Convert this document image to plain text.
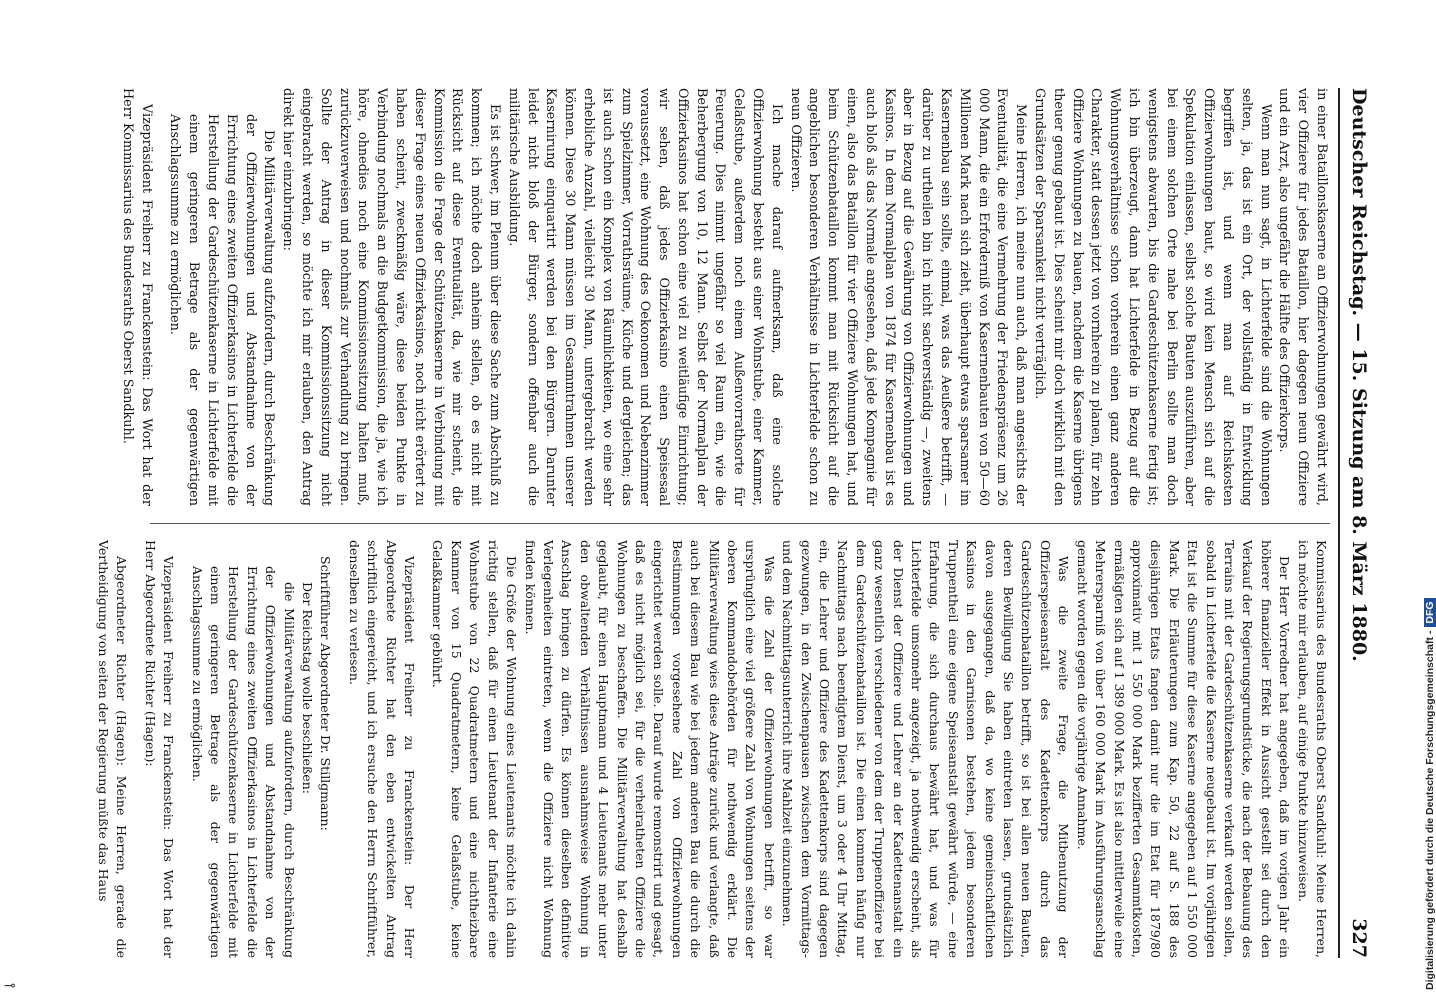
Deutscher Reichstag. — 15. Sitzung am 8. März 1880.
327

in einer Bataillonskaserne an Offizierwohnungen gewährt wird, vier Offiziere für jedes Bataillon, hier dagegen neun Offiziere und ein Arzt, also ungefähr die Hälfte des Offizierkorps.

Wenn man nun sagt, in Lichterfelde sind die Wohnungen selten, ja, das ist ein Ort, der vollständig in Entwicklung begriffen ist, und wenn man auf Reichskosten Offizierwohnungen baut, so wird kein Mensch sich auf die Spekulation einlassen, selbst solche Bauten auszuführen, aber bei einem solchen Orte nahe bei Berlin sollte man doch wenigstens abwarten, bis die Gardeschützenkaserne fertig ist; ich bin überzeugt, dann hat Lichterfelde in Bezug auf die Wohnungsverhältnisse schon vorherein einen ganz anderen Charakter, statt dessen jetzt von vornherein zu planen, für zehn Offiziere Wohnungen zu bauen, nachdem die Kaserne übrigens theuer genug gebaut ist. Dies scheint mir doch wirklich mit den Grundsätzen der Sparsamkeit nicht verträglich.

Meine Herren, ich meine nun auch, daß man angesichts der Eventualität, die eine Vermehrung der Friedenspräsenz um 26 000 Mann, die ein Erforderniß von Kasernenbauten von 50—60 Millionen Mark nach sich zieht, überhaupt etwas sparsamer im Kasernenbau sein sollte, einmal, was das Aeußere betrifft, — darüber zu urtheilen bin ich nicht sachverständig —, zweitens aber in Bezug auf die Gewährung von Offizierwohnungen und Kasinos. In dem Normalplan von 1874 für Kasernenbau ist es auch bloß als das Normale angesehen, daß jede Kompagnie für einen, also das Bataillon für vier Offiziere Wohnungen hat, und beim Schützenbataillon kommt man mit Rücksicht auf die angeblichen besonderen Verhältnisse in Lichterfelde schon zu neun Offizieren.

Ich mache darauf aufmerksam, daß eine solche Offizierwohnung besteht aus einer Wohnstube, einer Kammer, Gelaßstube, außerdem noch einem Außenvorrathsorte für Feuerung. Dies nimmt ungefähr so viel Raum ein, wie die Beherbergung von 10, 12 Mann. Selbst der Normalplan der Offizierkasinos hat schon eine viel zu weitläufige Einrichtung; wir sehen, daß jedes Offizierkasino einen Speisesaal voraussetzt, eine Wohnung des Oekonomen und Nebenzimmer zum Spielzimmer, Vorrathsräume, Küche und dergleichen; das ist auch schon ein Komplex von Räumlichkeiten, wo eine sehr erhebliche Anzahl, vielleicht 30 Mann, untergebracht werden können. Diese 30 Mann müssen im Gesammtrahmen unserer Kasernirung einquartirt werden bei den Bürgern. Darunter leidet nicht bloß der Bürger, sondern offenbar auch die militärische Ausbildung.

Es ist schwer, im Plenum über diese Sache zum Abschluß zu kommen; ich möchte doch anheim stellen, ob es nicht mit Rücksicht auf diese Eventualität, da, wie mir scheint, die Kommission die Frage der Schützenkaserne in Verbindung mit dieser Frage eines neuen Offizierkasinos, noch nicht erörtert zu haben scheint, zweckmäßig wäre, diese beiden Punkte in Verbindung nochmals an die Budgetkommission, die ja, wie ich höre, ohnedies noch eine Kommissionssitzung halten muß, zurückzuverweisen und nochmals zur Verhandlung zu bringen. Sollte der Antrag in dieser Kommissionssitzung nicht eingebracht werden, so möchte ich mir erlauben, den Antrag direkt hier einzubringen:

Die Militärverwaltung aufzufordern, durch Beschränkung der Offizierwohnungen und Abstandnahme von der Errichtung eines zweiten Offizierkasinos in Lichterfelde die Herstellung der Gardeschützenkaserne in Lichterfelde mit einem geringeren Betrage als der gegenwärtigen Anschlagssumme zu ermöglichen.

Vizepräsident Freiherr zu Franckenstein: Das Wort hat der Herr Kommissarius des Bundesraths Oberst Sandkuhl.

Kommissarius des Bundesraths Oberst Sandkuhl: Meine Herren, ich möchte mir erlauben, auf einige Punkte hinzuweisen.

Der Herr Vorredner hat angegeben, daß im vorigen Jahr ein höherer finanzieller Effekt in Aussicht gestellt sei durch den Verkauf der Regierungsgrundstücke, die nach der Bebauung des Terrains mit der Gardeschützenkaserne verkauft werden sollen, sobald in Lichterfelde die Kaserne neugebaut ist. Im vorjährigen Etat ist die Summe für diese Kaserne angegeben auf 1 550 000 Mark. Die Erläuterungen zum Kap. 50, 22 auf S. 188 des diesjährigen Etats fangen damit nur die im Etat für 1879/80 approximativ mit 1 550 000 Mark bezifferten Gesammtkosten, ermäßigten sich auf 1 389 000 Mark. Es ist also mittlerweile eine Mehrersparniß von über 160 000 Mark im Ausführungsanschlag gemacht worden gegen die vorjährige Annahme.

Was die zweite Frage, die Mitbenutzung der Offizierspeiseanstalt des Kadettenkorps durch das Gardeschützenbataillon betrifft, so ist bei allen neuen Bauten, deren Bewilligung Sie haben eintreten lassen, grundsätzlich davon ausgegangen, daß da, wo keine gemeinschaftlichen Kasinos in den Garnisonen bestehen, jedem besonderen Truppentheil eine eigene Speiseanstalt gewährt würde, — eine Erfahrung, die sich durchaus bewährt hat, und was für Lichterfelde umsomehr angezeigt, ja nothwendig erscheint, als der Dienst der Offiziere und Lehrer an der Kadettenanstalt ein ganz wesentlich verschiedener von dem der Truppenoffiziere bei dem Gardeschützenbataillon ist. Die einen kommen häufig nur Nachmittags nach beendigtem Dienst, um 3 oder 4 Uhr Mittag, ein, die Lehrer und Offiziere des Kadettenkorps sind dagegen gezwungen, in den Zwischenpausen zwischen dem Vormittags- und dem Nachmittagsunterricht ihre Mahlzeit einzunehmen.

Was die Zahl der Offizierwohnungen betrifft, so war ursprünglich eine viel größere Zahl von Wohnungen seitens der oberen Kommandobehörden für nothwendig erklärt. Die Militärverwaltung wies diese Anträge zurück und verlangte, daß auch bei diesem Bau wie bei jedem anderen Bau die durch die Bestimmungen vorgesehene Zahl von Offizierwohnungen eingerichtet werden solle. Darauf wurde remonstrirt und gesagt, daß es nicht möglich sei, für die verheiratheten Offiziere die Wohnungen zu beschaffen. Die Militärverwaltung hat deshalb geglaubt, für einen Hauptmann und 4 Lieutenants mehr unter den obwaltenden Verhältnissen ausnahmsweise Wohnung in Anschlag bringen zu dürfen. Es können dieselben definitive Verlegenheiten eintreten, wenn die Offiziere nicht Wohnung finden können.

Die Größe der Wohnung eines Lieutenants möchte ich dahin richtig stellen, daß für einen Lieutenant der Infanterie eine Wohnstube von 22 Quadratmetern und eine nichtheizbare Kammer von 15 Quadratmetern, keine Gelaßstube, keine Gelaßkammer gebührt.

Vizepräsident Freiherr zu Franckenstein: Der Herr Abgeordnete Richter hat den eben entwickelten Antrag schriftlich eingereicht, und ich ersuche den Herrn Schriftführer, denselben zu verlesen.

Schriftführer Abgeordneter Dr. Stillgmann:

Der Reichstag wolle beschließen:

die Militärverwaltung aufzufordern, durch Beschränkung der Offizierwohnungen und Abstandnahme von der Errichtung eines zweiten Offizierkasinos in Lichterfelde die Herstellung der Gardeschützenkaserne in Lichterfelde mit einem geringeren Betrage als der gegenwärtigen Anschlagssumme zu ermöglichen.

Vizepräsident Freiherr zu Franckenstein: Das Wort hat der Herr Abgeordnete Richter (Hagen):

Abgeordneter Richter (Hagen): Meine Herren, gerade die Vertheidigung von seiten der Regierung müßte das Haus	Digitalisierung gefördert durch die Deutsche Forschungsgemeinschaft -DFG
⊸
